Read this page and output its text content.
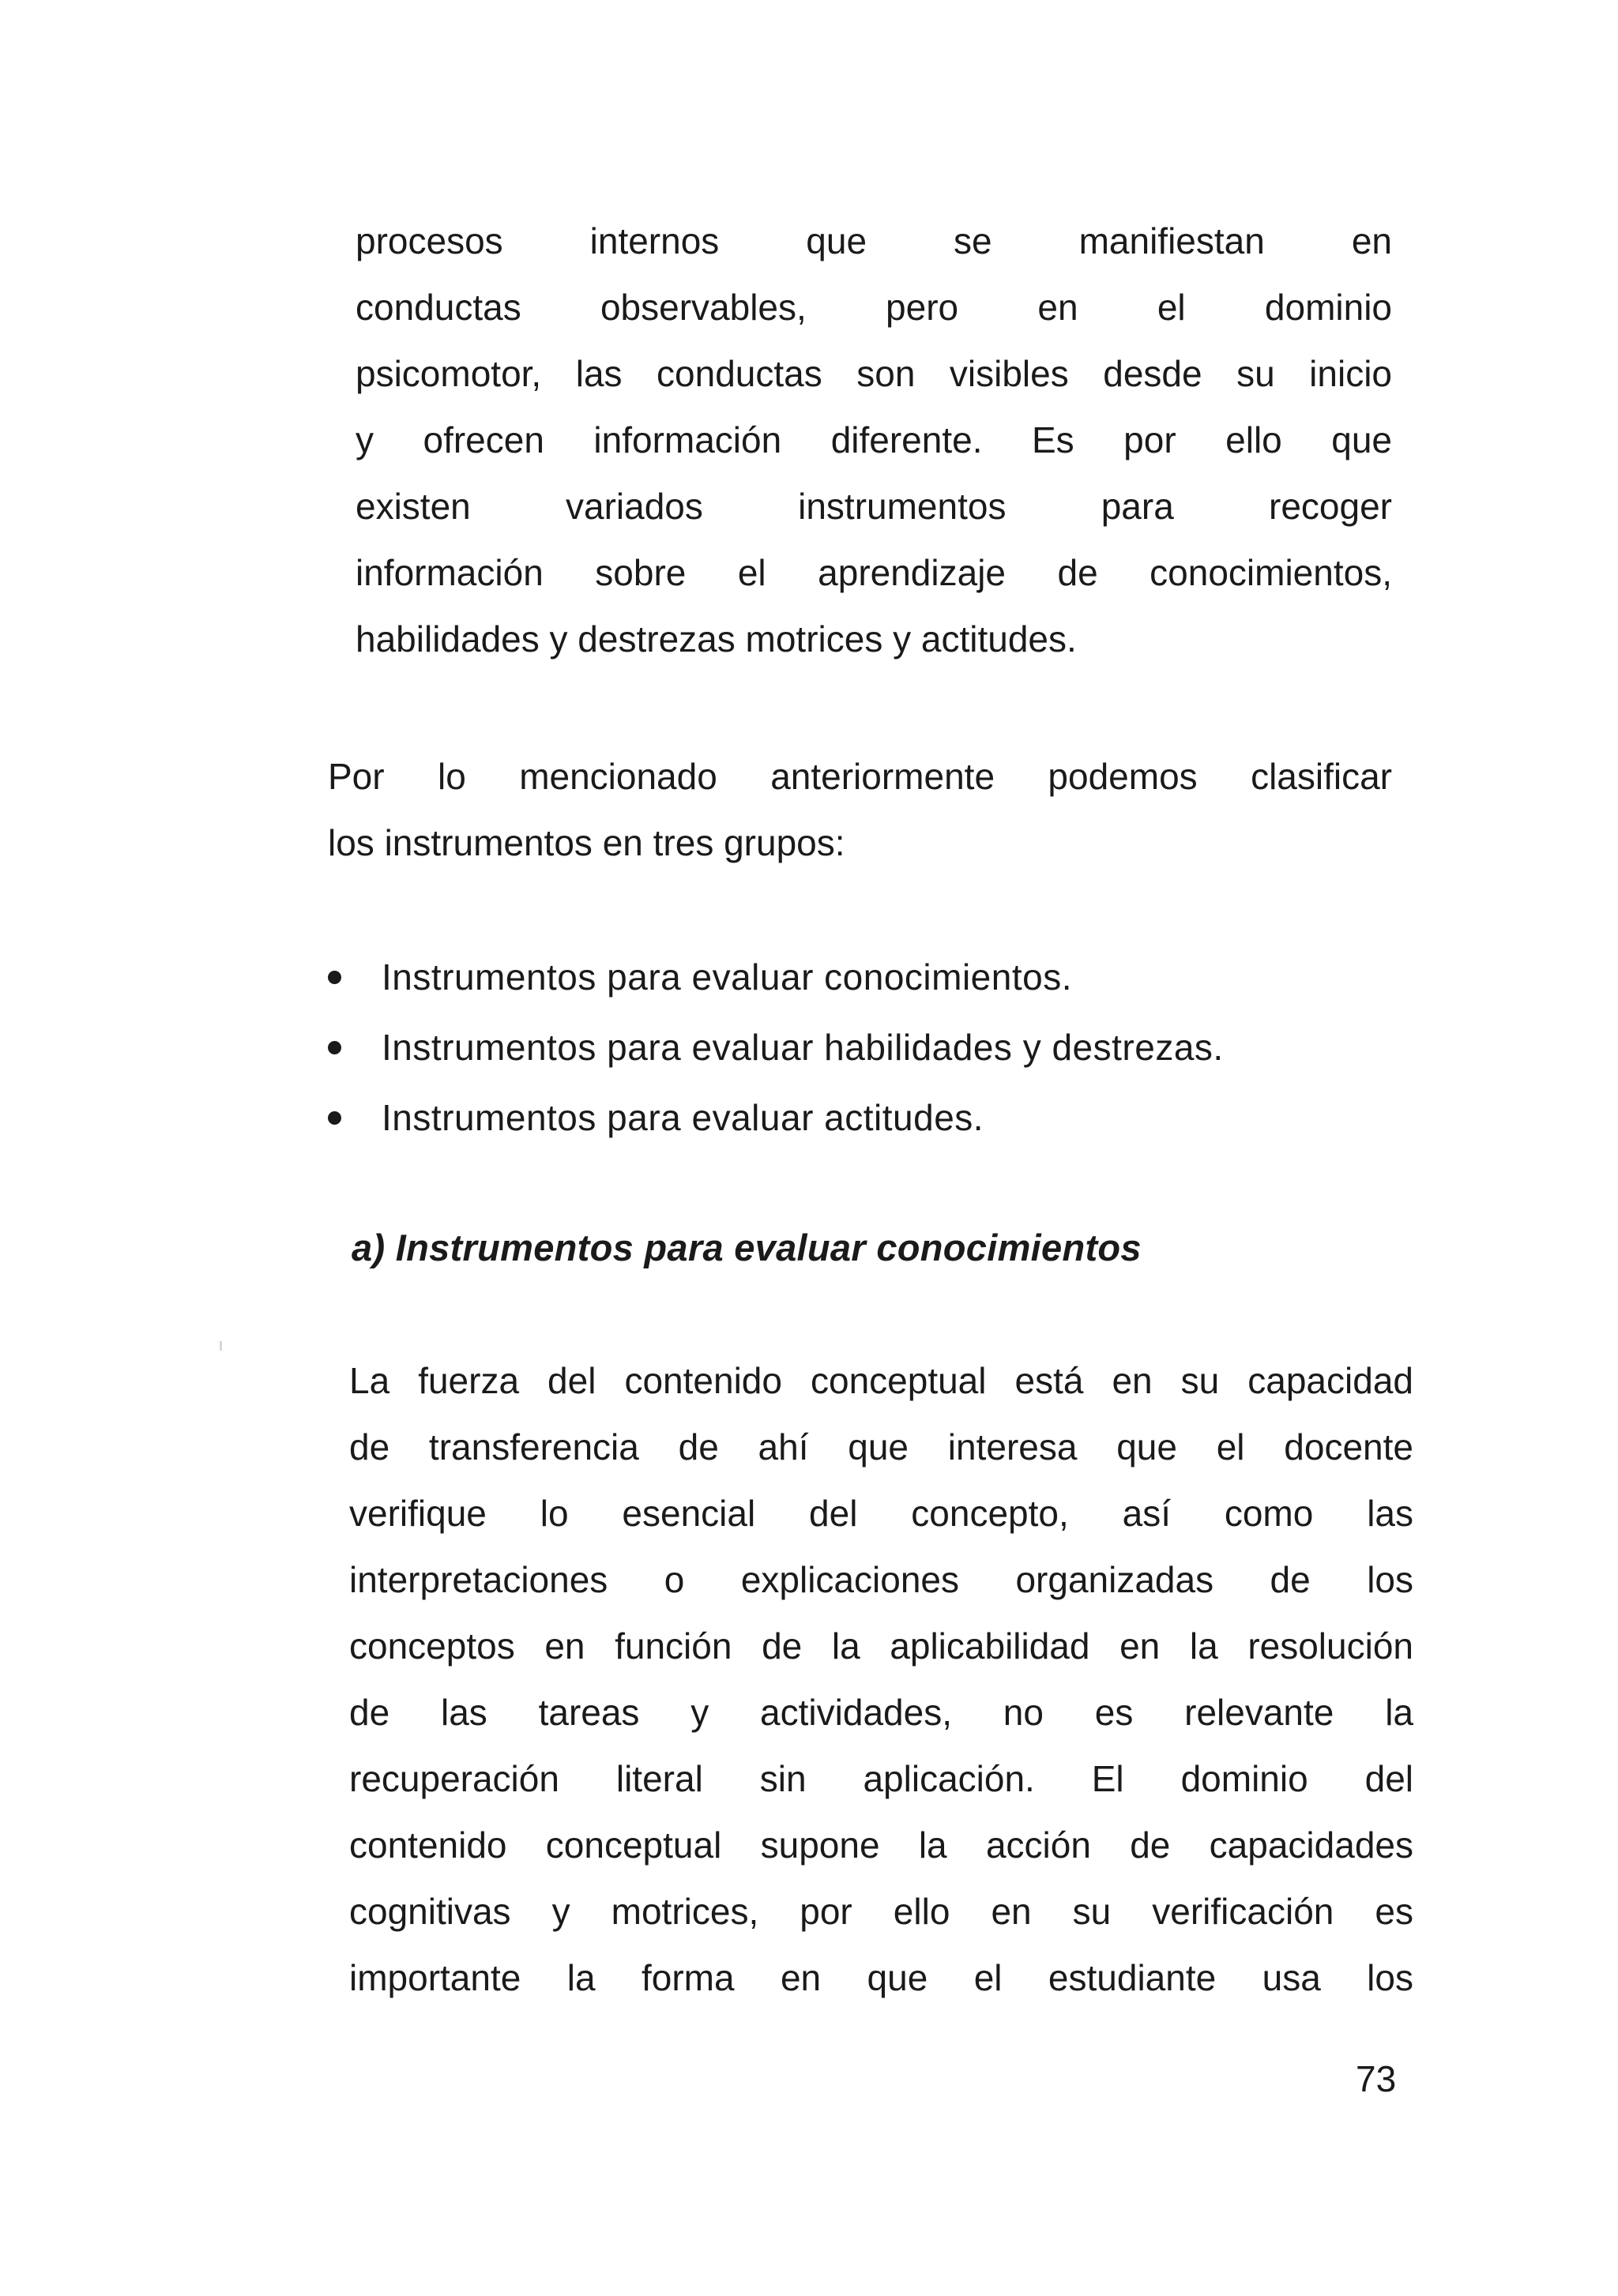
procesos internos que se manifiestan en
conductas observables, pero en el dominio
psicomotor, las conductas son visibles desde su inicio
y ofrecen información diferente. Es por ello que
existen variados instrumentos para recoger
información sobre el aprendizaje de conocimientos,
habilidades y destrezas motrices y actitudes.
Por lo mencionado anteriormente podemos clasificar
los instrumentos en tres grupos:
Instrumentos para evaluar conocimientos.
Instrumentos para evaluar habilidades y destrezas.
Instrumentos para evaluar actitudes.
a) Instrumentos para evaluar conocimientos
La fuerza del contenido conceptual está en su capacidad
de transferencia de ahí que interesa que el docente
verifique lo esencial del concepto, así como las
interpretaciones o explicaciones organizadas de los
conceptos en función de la aplicabilidad en la resolución
de las tareas y actividades, no es relevante la
recuperación literal sin aplicación. El dominio del
contenido conceptual supone la acción de capacidades
cognitivas y motrices, por ello en su verificación es
importante la forma en que el estudiante usa los
73
